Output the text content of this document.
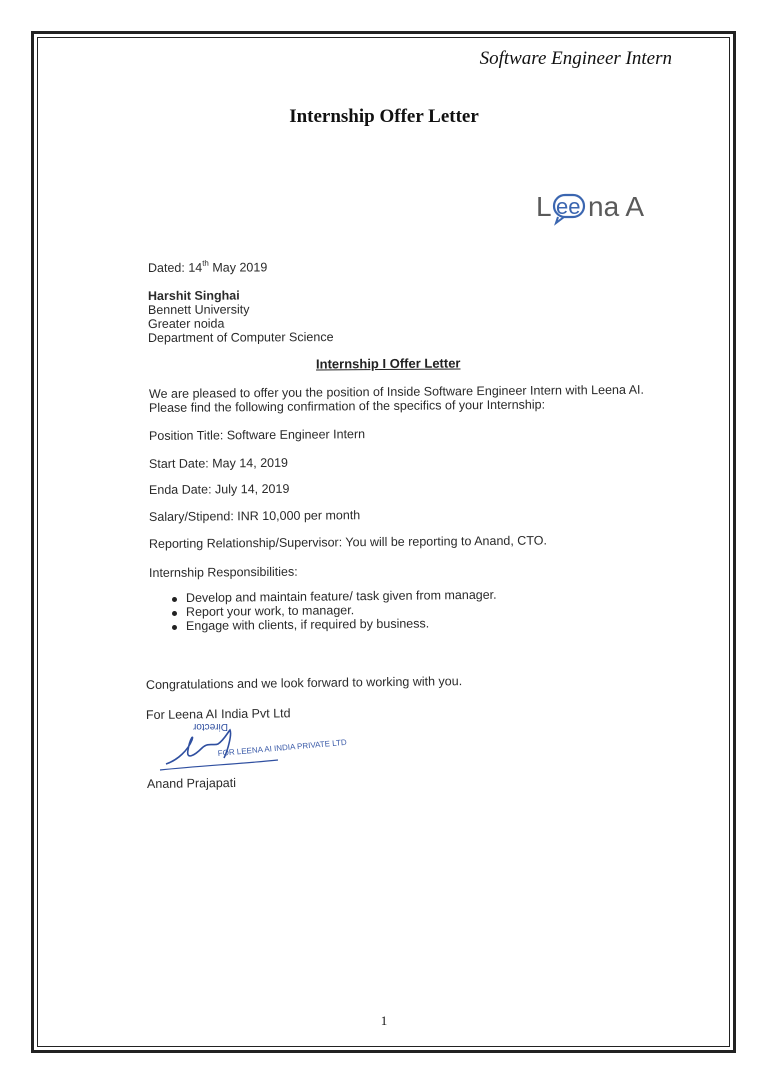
Software Engineer Intern
Internship Offer Letter
L ee na A
Dated: 14th May 2019
Harshit Singhai
Bennett University
Greater noida
Department of Computer Science
Internship I Offer Letter
We are pleased to offer you the position of Inside Software Engineer Intern with Leena AI.
Please find the following confirmation of the specifics of your Internship:
Position Title: Software Engineer Intern
Start Date: May 14, 2019
Enda Date: July 14, 2019
Salary/Stipend: INR 10,000 per month
Reporting Relationship/Supervisor: You will be reporting to Anand, CTO.
Internship Responsibilities:
Develop and maintain feature/ task given from manager.
Report your work, to manager.
Engage with clients, if required by business.
Congratulations and we look forward to working with you.
For Leena AI India Pvt Ltd
Director
FOR LEENA AI INDIA PRIVATE LTD
Anand Prajapati
1
